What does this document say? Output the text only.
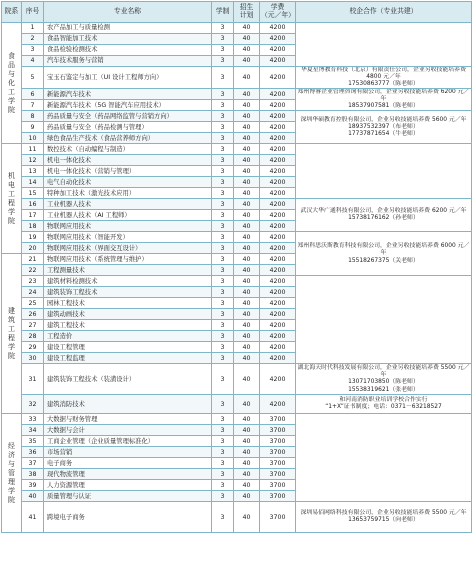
院系	序号	专业名称	学制	招生
计划	学费
（元／年）	校企合作（专业共建）
食品与化工学院	1	农产品加工与质量检测	3	40	4200	
	2	食品智能加工技术	3	40	4200	
	3	食品检验检测技术	3	40	4200	
	4	汽车技术服务与营销	3	40	4200	
	5	宝玉石鉴定与加工（UI 设计工程师方向）	3	40	4200	华夏星博教育科技（北京）有限责任公司，企业另收技能培养费 4800 元／年
17530863777（陈老师）
	6	新能源汽车技术	3	40	4200	郑州博睿企业管理咨询有限公司，企业另收技能培养费 6200 元／年
18537907581（陈老师）
	7	新能源汽车技术（5G 智能汽车应用技术）	3	40	4200	
	8	药品质量与安全（药品网络监管与营销方向）	3	40	4200	深圳华硕教育控股有限公司，企业另收技能培养费 5600 元／年
18937532397（布老师）
17737871654（牛老师）
	9	药品质量与安全（药品检测与管理）	3	40	4200	
	10	绿色食品生产技术（食品营养师方向）	3	40	4200	
机电工程学院	11	数控技术（自动编程与制造）	3	40	4200	
	12	机电一体化技术	3	40	4200	
	13	机电一体化技术（营销与管理）	3	40	4200	
	14	电气自动化技术	3	40	4200	
	15	特种加工技术（激光技术应用）	3	40	4200	
	16	工业机器人技术	3	40	4200	武汉大华广通科技有限公司，企业另收技能培养费 6200 元／年
15738176162（孙老师）
	17	工业机器人技术（AI 工程师）	3	40	4200	
	18	物联网应用技术	3	40	4200	
	19	物联网应用技术（智能开发）	3	40	4200	郑州科思沃斯教育科技有限公司，企业另收技能培养费 6000 元／年
15518267375（关老师）
	20	物联网应用技术（界面交互设计）	3	40	4200	
建筑工程学院	21	物联网应用技术（系统管理与维护）	3	40	4200	
	22	工程测量技术	3	40	4200	
	23	建筑材料检测技术	3	40	4200	
	24	建筑装饰工程技术	3	40	4200	
	25	园林工程技术	3	40	4200	
	26	建筑动画技术	3	40	4200	
	27	建筑工程技术	3	40	4200	
	28	工程造价	3	40	4200	
	29	建设工程管理	3	40	4200	
	30	建设工程监理	3	40	4200	
	31	建筑装饰工程技术（装潢设计）	3	40	4200	湖北海天时代科技发展有限公司，企业另收技能培养费 5500 元／年
13071703850（陈老师）
15538319621（张老师）
	32	建筑消防技术	3	40	4200	和河南消防职业培训学校合作实行
“1+X”证书制度；电话：0371－63218527
经济与管理学院	33	大数据与财务管理	3	40	3700	
	34	大数据与会计	3	40	3700	
	35	工商企业管理（企业质量管理标准化）	3	40	3700	
	36	市场营销	3	40	3700	
	37	电子商务	3	40	3700	
	38	现代物流管理	3	40	3700	
	39	人力资源管理	3	40	3700	
	40	质量管理与认证	3	40	3700	
	41	跨境电子商务	3	40	3700	深圳易佰网络科技有限公司，企业另收技能培养费 5500 元／年
13653759715（向老师）
